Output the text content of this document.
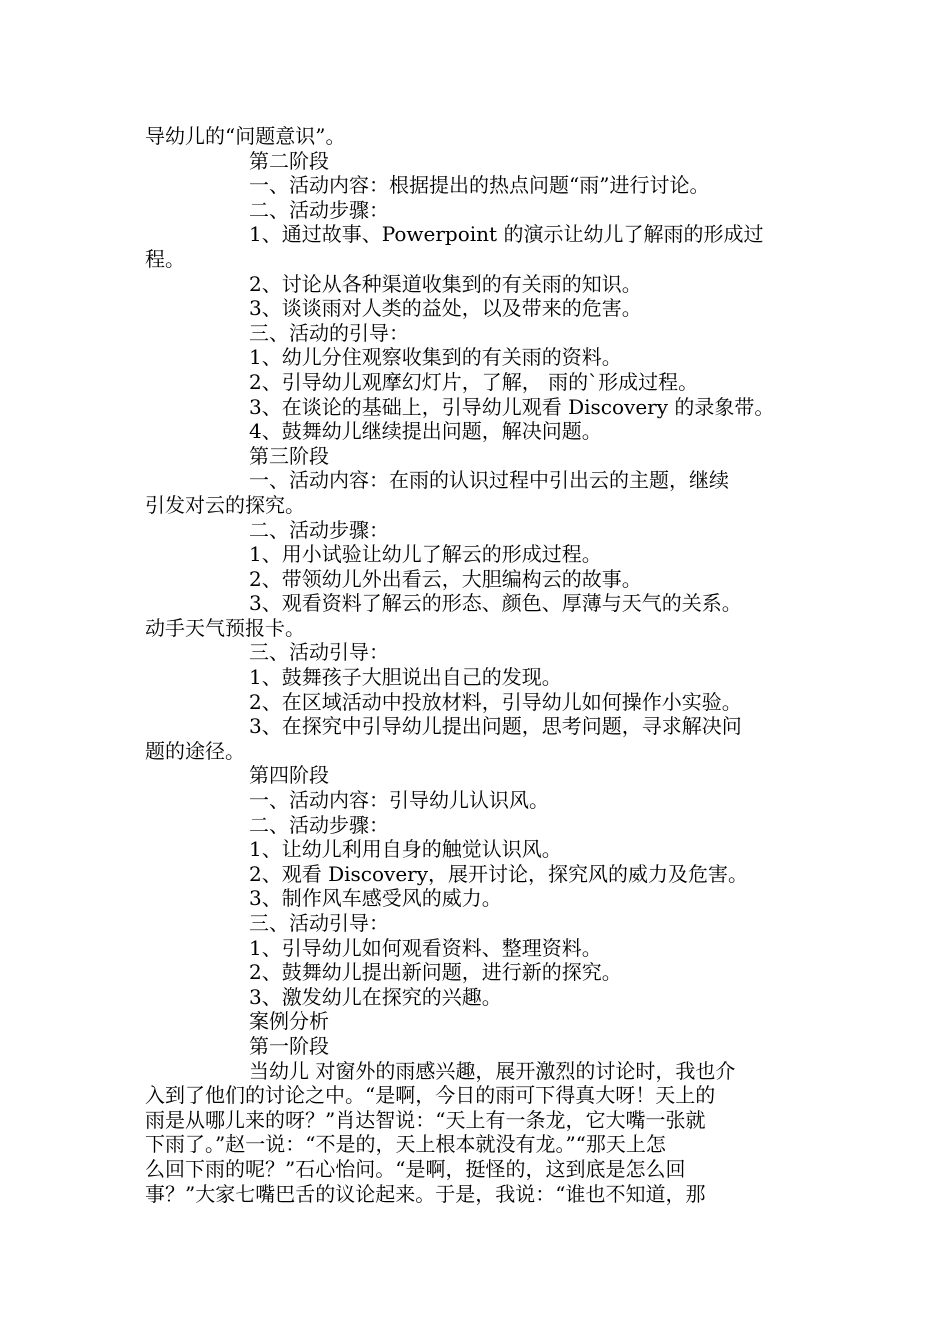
导幼儿的“问题意识”。
第二阶段
一、活动内容：根据提出的热点问题“雨”进行讨论。
二、活动步骤：
1、通过故事、Powerpoint 的演示让幼儿了解雨的形成过
程。
2、讨论从各种渠道收集到的有关雨的知识。
3、谈谈雨对人类的益处，以及带来的危害。
三、活动的引导：
1、幼儿分住观察收集到的有关雨的资料。
2、引导幼儿观摩幻灯片，了解， 雨的`形成过程。
3、在谈论的基础上，引导幼儿观看 Discovery 的录象带。
4、鼓舞幼儿继续提出问题，解决问题。
第三阶段
一、活动内容：在雨的认识过程中引出云的主题，继续
引发对云的探究。
二、活动步骤：
1、用小试验让幼儿了解云的形成过程。
2、带领幼儿外出看云，大胆编构云的故事。
3、观看资料了解云的形态、颜色、厚薄与天气的关系。
动手天气预报卡。
三、活动引导：
1、鼓舞孩子大胆说出自己的发现。
2、在区域活动中投放材料，引导幼儿如何操作小实验。
3、在探究中引导幼儿提出问题，思考问题，寻求解决问
题的途径。
第四阶段
一、活动内容：引导幼儿认识风。
二、活动步骤：
1、让幼儿利用自身的触觉认识风。
2、观看 Discovery，展开讨论，探究风的威力及危害。
3、制作风车感受风的威力。
三、活动引导：
1、引导幼儿如何观看资料、整理资料。
2、鼓舞幼儿提出新问题，进行新的探究。
3、激发幼儿在探究的兴趣。
案例分析
第一阶段
当幼儿 对窗外的雨感兴趣，展开激烈的讨论时，我也介
入到了他们的讨论之中。“是啊，今日的雨可下得真大呀！天上的
雨是从哪儿来的呀？”肖达智说：“天上有一条龙，它大嘴一张就
下雨了。”赵一说：“不是的，天上根本就没有龙。”“那天上怎
么回下雨的呢？”石心怡问。“是啊，挺怪的，这到底是怎么回
事？”大家七嘴巴舌的议论起来。于是，我说：“谁也不知道，那
